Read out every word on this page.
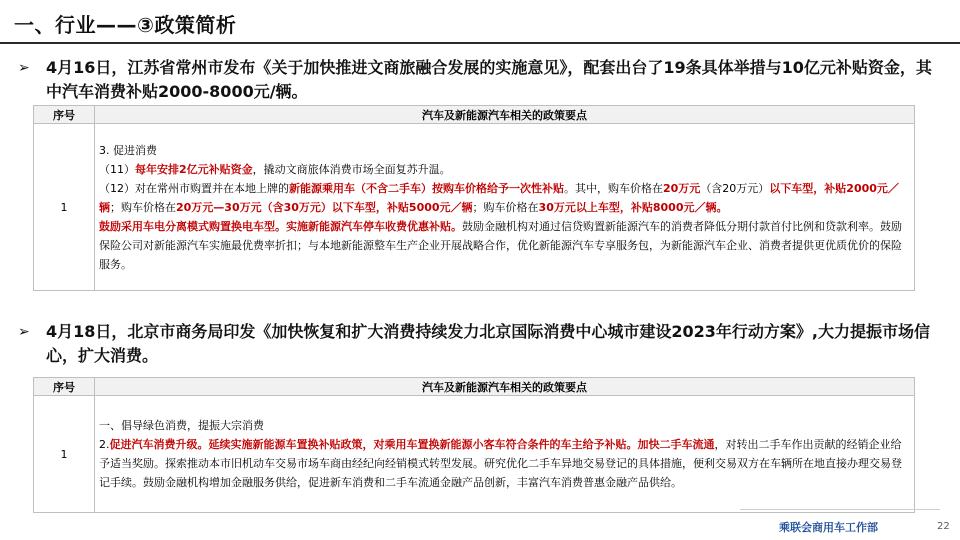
一、行业——③政策简析
➢ 4月16日，江苏省常州市发布《关于加快推进文商旅融合发展的实施意见》，配套出台了19条具体举措与10亿元补贴资金，其中汽车消费补贴2000-8000元/辆。
序号	汽车及新能源汽车相关的政策要点
1	3. 促进消费
（11）每年安排2亿元补贴资金，撬动文商旅体消费市场全面复苏升温。
（12）对在常州市购置并在本地上牌的新能源乘用车（不含二手车）按购车价格给予一次性补贴。其中，购车价格在20万元（含20万元）以下车型，补贴2000元／辆；购车价格在20万元—30万元（含30万元）以下车型，补贴5000元／辆；购车价格在30万元以上车型，补贴8000元／辆。
鼓励采用车电分离模式购置换电车型。实施新能源汽车停车收费优惠补贴。鼓励金融机构对通过信贷购置新能源汽车的消费者降低分期付款首付比例和贷款利率。鼓励保险公司对新能源汽车实施最优费率折扣；与本地新能源整车生产企业开展战略合作，优化新能源汽车专享服务包，为新能源汽车企业、消费者提供更优质优价的保险服务。
➢ 4月18日，北京市商务局印发《加快恢复和扩大消费持续发力北京国际消费中心城市建设2023年行动方案》,大力提振市场信心，扩大消费。
序号	汽车及新能源汽车相关的政策要点
1	一、倡导绿色消费，提振大宗消费
2.促进汽车消费升级。延续实施新能源车置换补贴政策，对乘用车置换新能源小客车符合条件的车主给予补贴。加快二手车流通，对转出二手车作出贡献的经销企业给予适当奖励。探索推动本市旧机动车交易市场车商由经纪向经销模式转型发展。研究优化二手车异地交易登记的具体措施，便利交易双方在车辆所在地直接办理交易登记手续。鼓励金融机构增加金融服务供给，促进新车消费和二手车流通金融产品创新，丰富汽车消费普惠金融产品供给。
乘联会商用车工作部	22
